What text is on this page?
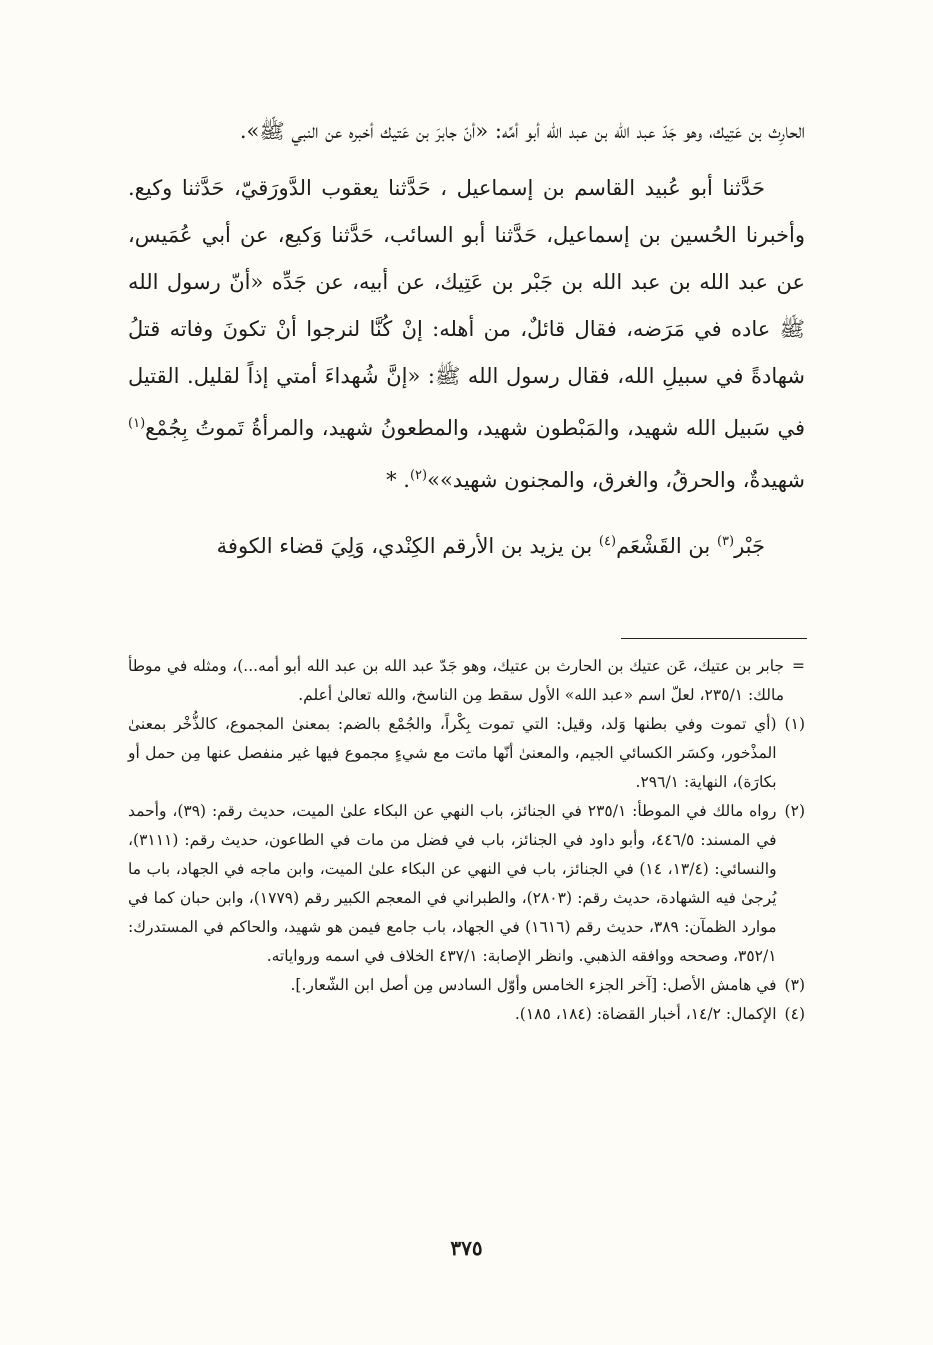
الحارِث بن عَتِيك، وهو جَدّ عبد الله بن عبد الله أبو أمِّه: «أنّ جابرَ بن عَتيك أخبره عن النبي ﷺ».

حَدَّثنا أبو عُبيد القاسم بن إسماعيل ، حَدَّثنا يعقوب الدَّورَقيّ، حَدَّثنا وكيع. وأخبرنا الحُسين بن إسماعيل، حَدَّثنا أبو السائب، حَدَّثنا وَكيع، عن أبي عُمَيس، عن عبد الله بن عبد الله بن جَبْر بن عَتِيك، عن أبيه، عن جَدِّه «أنّ رسول الله ﷺ عاده في مَرَضه، فقال قائلٌ، من أهله: إنْ كُنَّا لنرجوا أنْ تكونَ وفاته قتلُ شهادةً في سبيلِ الله، فقال رسول الله ﷺ: «إنَّ شُهداءَ أمتي إذاً لقليل. القتيل في سَبيل الله شهيد، والمَبْطون شهيد، والمطعونُ شهيد، والمرأةُ تَموتُ بِجُمْع$^{(١)}$ شهيدةٌ، والحرقُ، والغرق، والمجنون شهيد»»$^{(٢)}$. *

جَبْر$^{(٣)}$ بن القَشْعَم$^{(٤)}$ بن يزيد بن الأرقم الكِنْدي، وَلِيَ قضاء الكوفة

=
جابر بن عتيك، عَن عتيك بن الحارث بن عتيك، وهو جَدّ عبد الله بن عبد الله أبو أمه...)، ومثله في موطأ مالك: ٢٣٥/١، لعلّ اسم «عبد الله» الأول سقط مِن الناسخ، والله تعالىٰ أعلم.
(١)
(أي تموت وفي بطنها وَلد، وقيل: التي تموت بِكْراً، والجُمْع بالضم: بمعنىٰ المجموع، كالذُّخْر بمعنىٰ المذْخور، وكسَر الكسائي الجيم، والمعنىٰ أنّها ماتت مع شيءٍ مجموع فيها غير منفصل عنها مِن حمل أو بكارَة)، النهاية: ٢٩٦/١.
(٢)
رواه مالك في الموطأ: ٢٣٥/١ في الجنائز، باب النهي عن البكاء علىٰ الميت، حديث رقم: (٣٩)، وأحمد في المسند: ٤٤٦/٥، وأبو داود في الجنائز، باب في فضل من مات في الطاعون، حديث رقم: (٣١١١)، والنسائي: (١٣/٤، ١٤) في الجنائز، باب في النهي عن البكاء علىٰ الميت، وابن ماجه في الجهاد، باب ما يُرجىٰ فيه الشهادة، حديث رقم: (٢٨٠٣)، والطبراني في المعجم الكبير رقم (١٧٧٩)، وابن حبان كما في موارد الظمآن: ٣٨٩، حديث رقم (١٦١٦) في الجهاد، باب جامع فيمن هو شهيد، والحاكم في المستدرك: ٣٥٢/١، وصححه ووافقه الذهبي. وانظر الإصابة: ٤٣٧/١ الخلاف في اسمه ورواياته.
(٣)
في هامش الأصل: [آخر الجزء الخامس وأوّل السادس مِن أصل ابن الشّعار.].
(٤)
الإكمال: ١٤/٢، أخبار القضاة: (١٨٤، ١٨٥).
٣٧٥
